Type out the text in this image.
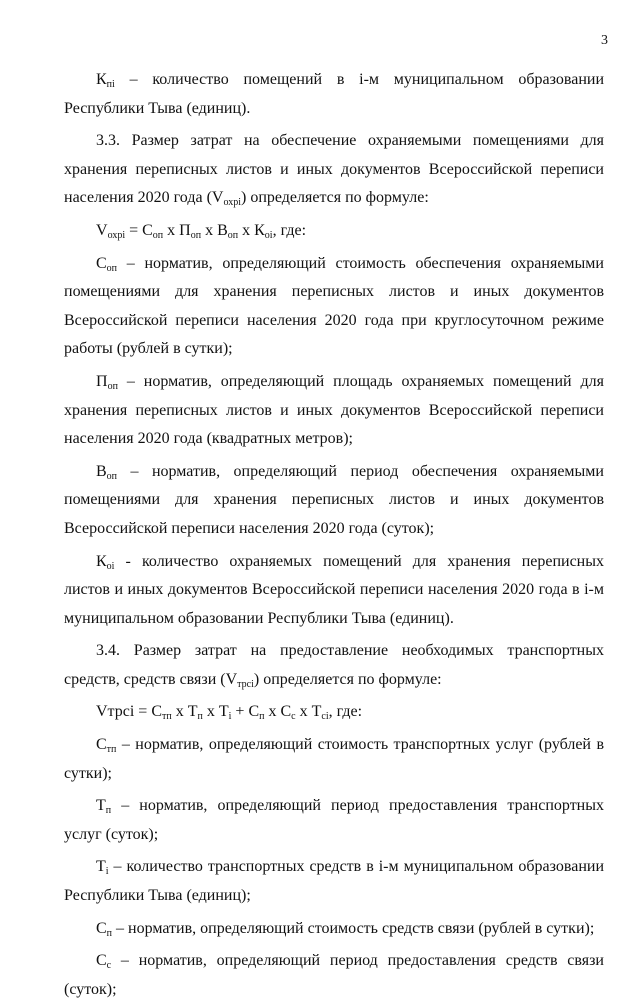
3

$К_{пі}$ – количество помещений в і-м муниципальном образовании Республики Тыва (единиц).

3.3. Размер затрат на обеспечение охраняемыми помещениями для хранения переписных листов и иных документов Всероссийской переписи населения 2020 года $(V_{охрі})$ определяется по формуле:

$V_{охрі} = С_{оп}$ х $П_{оп}$ х $В_{оп}$ х $К_{оі}$, где:

$С_{оп}$ – норматив, определяющий стоимость обеспечения охраняемыми помещениями для хранения переписных листов и иных документов Всероссийской переписи населения 2020 года при круглосуточном режиме работы (рублей в сутки);

$П_{оп}$ – норматив, определяющий площадь охраняемых помещений для хранения переписных листов и иных документов Всероссийской переписи населения 2020 года (квадратных метров);

$В_{оп}$ – норматив, определяющий период обеспечения охраняемыми помещениями для хранения переписных листов и иных документов Всероссийской переписи населения 2020 года (суток);

$К_{оі}$ - количество охраняемых помещений для хранения переписных листов и иных документов Всероссийской переписи населения 2020 года в і-м муниципальном образовании Республики Тыва (единиц).

3.4. Размер затрат на предоставление необходимых транспортных средств, средств связи $(V_{трсі})$ определяется по формуле:

Vтрсі = $С_{тп}$ х $Т_п$ х $Т_і + С_п$ х $С_с$ х $Т_{сі}$, где:

$С_{тп}$ – норматив, определяющий стоимость транспортных услуг (рублей в сутки);

$Т_п$ – норматив, определяющий период предоставления транспортных услуг (суток);

$Т_і$ – количество транспортных средств в і-м муниципальном образовании Республики Тыва (единиц);

$С_п$ – норматив, определяющий стоимость средств связи (рублей в сутки);

$С_с$ – норматив, определяющий период предоставления средств связи (суток);
